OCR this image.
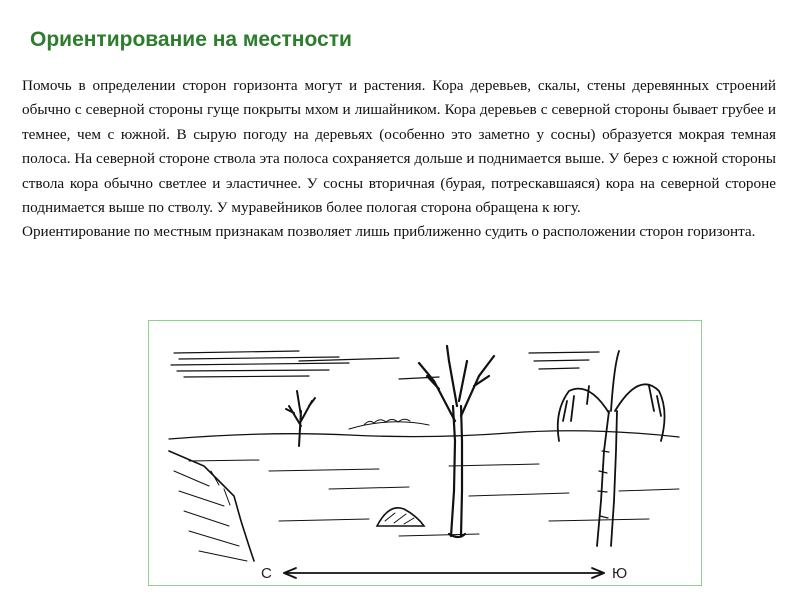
Ориентирование на местности

Помочь в определении сторон горизонта могут и растения. Кора деревьев, скалы, стены деревянных строений обычно с северной стороны гуще покрыты мхом и лишайником. Кора деревьев с северной стороны бывает грубее и темнее, чем с южной. В сырую погоду на деревьях (особенно это заметно у сосны) образуется мокрая темная полоса. На северной стороне ствола эта полоса сохраняется дольше и поднимается выше. У берез с южной стороны ствола кора обычно светлее и эластичнее. У сосны вторичная (бурая, потрескавшаяся) кора на северной стороне поднимается выше по стволу. У муравейников более пологая сторона обращена к югу.

Ориентирование по местным признакам позволяет лишь приближенно судить о расположении сторон горизонта.

С	Ю
